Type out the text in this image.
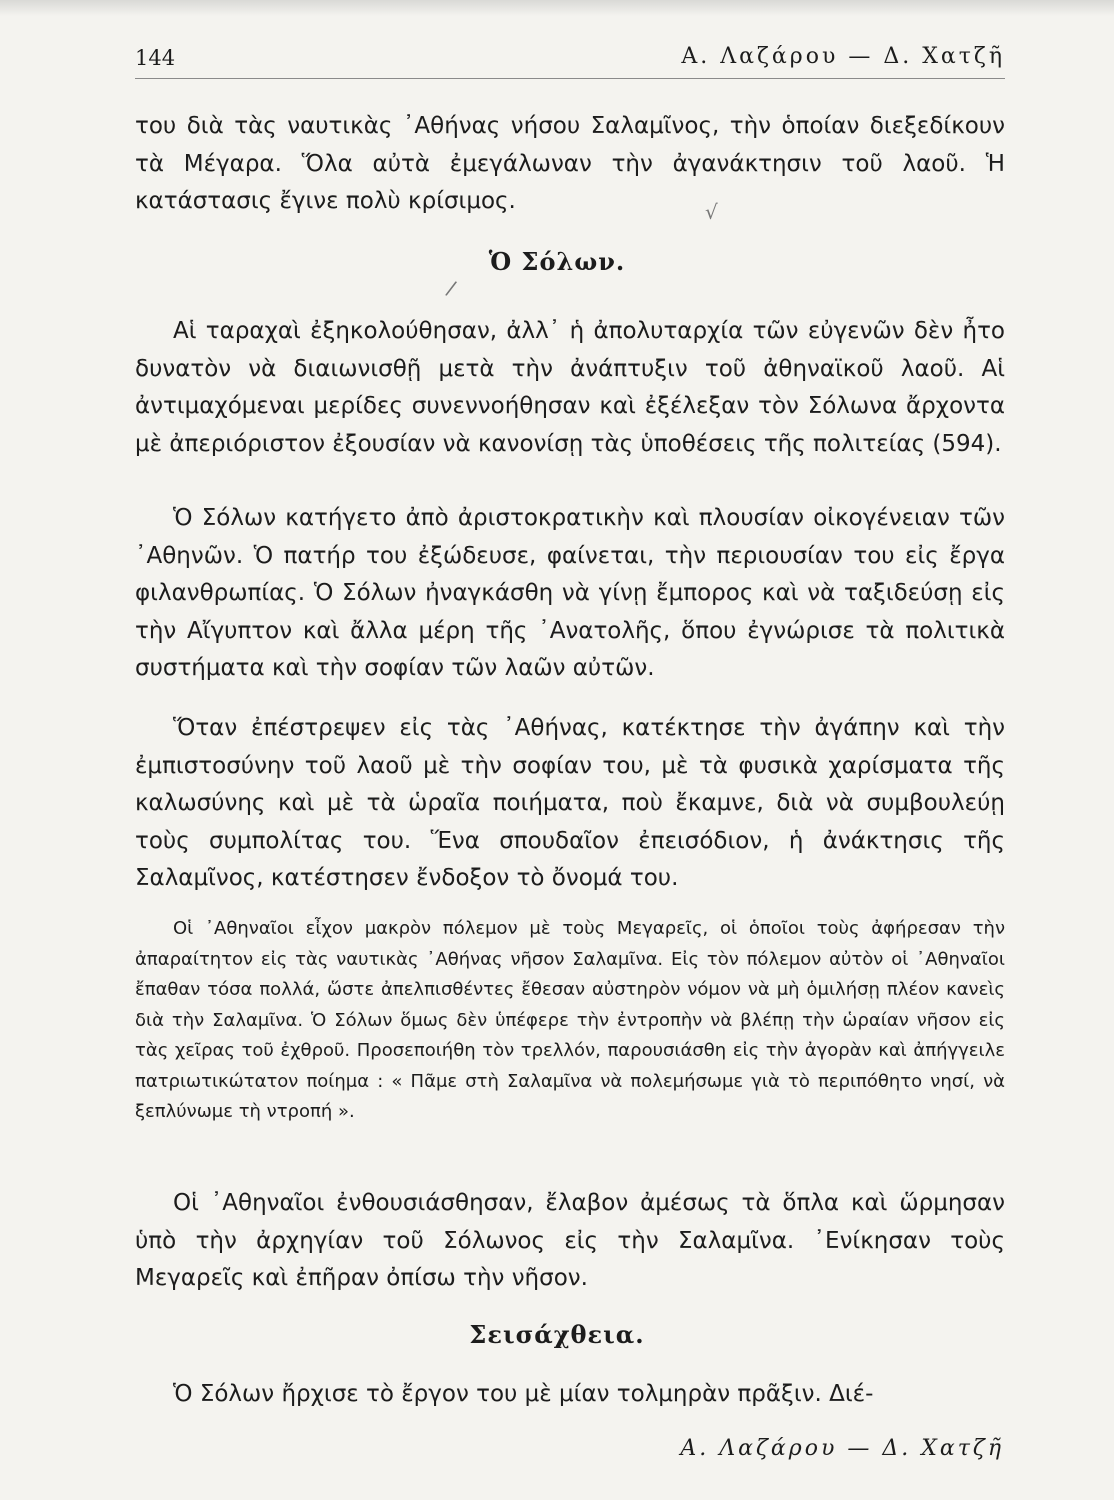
144	Α. Λαζάρου — Δ. Χατζῆ

του διὰ τὰς ναυτικὰς ᾿Αθήνας νήσου Σαλαμῖνος, τὴν ὁποίαν διεξεδίκουν τὰ Μέγαρα. Ὅλα αὐτὰ ἐμεγάλωναν τὴν ἀγανάκτησιν τοῦ λαοῦ. Ἡ κατάστασις ἔγινε πολὺ κρίσιμος.	√
/
Ὁ Σόλων.

Αἱ ταραχαὶ ἐξηκολούθησαν, ἀλλ᾿ ἡ ἀπολυταρχία τῶν εὐγενῶν δὲν ἦτο δυνατὸν νὰ διαιωνισθῇ μετὰ τὴν ἀνάπτυξιν τοῦ ἀθηναϊκοῦ λαοῦ. Αἱ ἀντιμαχόμεναι μερίδες συνεννοήθησαν καὶ ἐξέλεξαν τὸν Σόλωνα ἄρχοντα μὲ ἀπεριόριστον ἐξουσίαν νὰ κανονίσῃ τὰς ὑποθέσεις τῆς πολιτείας (594).

Ὁ Σόλων κατήγετο ἀπὸ ἀριστοκρατικὴν καὶ πλουσίαν οἰκογένειαν τῶν ᾿Αθηνῶν. Ὁ πατήρ του ἐξώδευσε, φαίνεται, τὴν περιουσίαν του εἰς ἔργα φιλανθρωπίας. Ὁ Σόλων ἠναγκάσθη νὰ γίνῃ ἔμπορος καὶ νὰ ταξιδεύσῃ εἰς τὴν Αἴγυπτον καὶ ἄλλα μέρη τῆς ᾿Ανατολῆς, ὅπου ἐγνώρισε τὰ πολιτικὰ συστήματα καὶ τὴν σοφίαν τῶν λαῶν αὐτῶν.

Ὅταν ἐπέστρεψεν εἰς τὰς ᾿Αθήνας, κατέκτησε τὴν ἀγάπην καὶ τὴν ἐμπιστοσύνην τοῦ λαοῦ μὲ τὴν σοφίαν του, μὲ τὰ φυσικὰ χαρίσματα τῆς καλωσύνης καὶ μὲ τὰ ὡραῖα ποιήματα, ποὺ ἔκαμνε, διὰ νὰ συμβουλεύῃ τοὺς συμπολίτας του. Ἕνα σπουδαῖον ἐπεισόδιον, ἡ ἀνάκτησις τῆς Σαλαμῖνος, κατέστησεν ἔνδοξον τὸ ὄνομά του.

Οἱ ᾿Αθηναῖοι εἶχον μακρὸν πόλεμον μὲ τοὺς Μεγαρεῖς, οἱ ὁποῖοι τοὺς ἀφήρεσαν τὴν ἀπαραίτητον εἰς τὰς ναυτικὰς ᾿Αθήνας νῆσον Σαλαμῖνα. Εἰς τὸν πόλεμον αὐτὸν οἱ ᾿Αθηναῖοι ἔπαθαν τόσα πολλά, ὥστε ἀπελπισθέντες ἔθεσαν αὐστηρὸν νόμον νὰ μὴ ὁμιλήσῃ πλέον κανεὶς διὰ τὴν Σαλαμῖνα. Ὁ Σόλων ὅμως δὲν ὑπέφερε τὴν ἐντροπὴν νὰ βλέπῃ τὴν ὡραίαν νῆσον εἰς τὰς χεῖρας τοῦ ἐχθροῦ. Προσεποιήθη τὸν τρελλόν, παρουσιάσθη εἰς τὴν ἀγορὰν καὶ ἀπήγγειλε πατριωτικώτατον ποίημα : « Πᾶμε στὴ Σαλαμῖνα νὰ πολεμήσωμε γιὰ τὸ περιπόθητο νησί, νὰ ξεπλύνωμε τὴ ντροπή ».

Οἱ ᾿Αθηναῖοι ἐνθουσιάσθησαν, ἔλαβον ἀμέσως τὰ ὅπλα καὶ ὥρμησαν ὑπὸ τὴν ἀρχηγίαν τοῦ Σόλωνος εἰς τὴν Σαλαμῖνα. ᾿Ενίκησαν τοὺς Μεγαρεῖς καὶ ἐπῆραν ὀπίσω τὴν νῆσον.

Σεισάχθεια.

Ὁ Σόλων ἤρχισε τὸ ἔργον του μὲ μίαν τολμηρὰν πρᾶξιν. Διέ-

Α. Λαζάρου — Δ. Χατζῆ
